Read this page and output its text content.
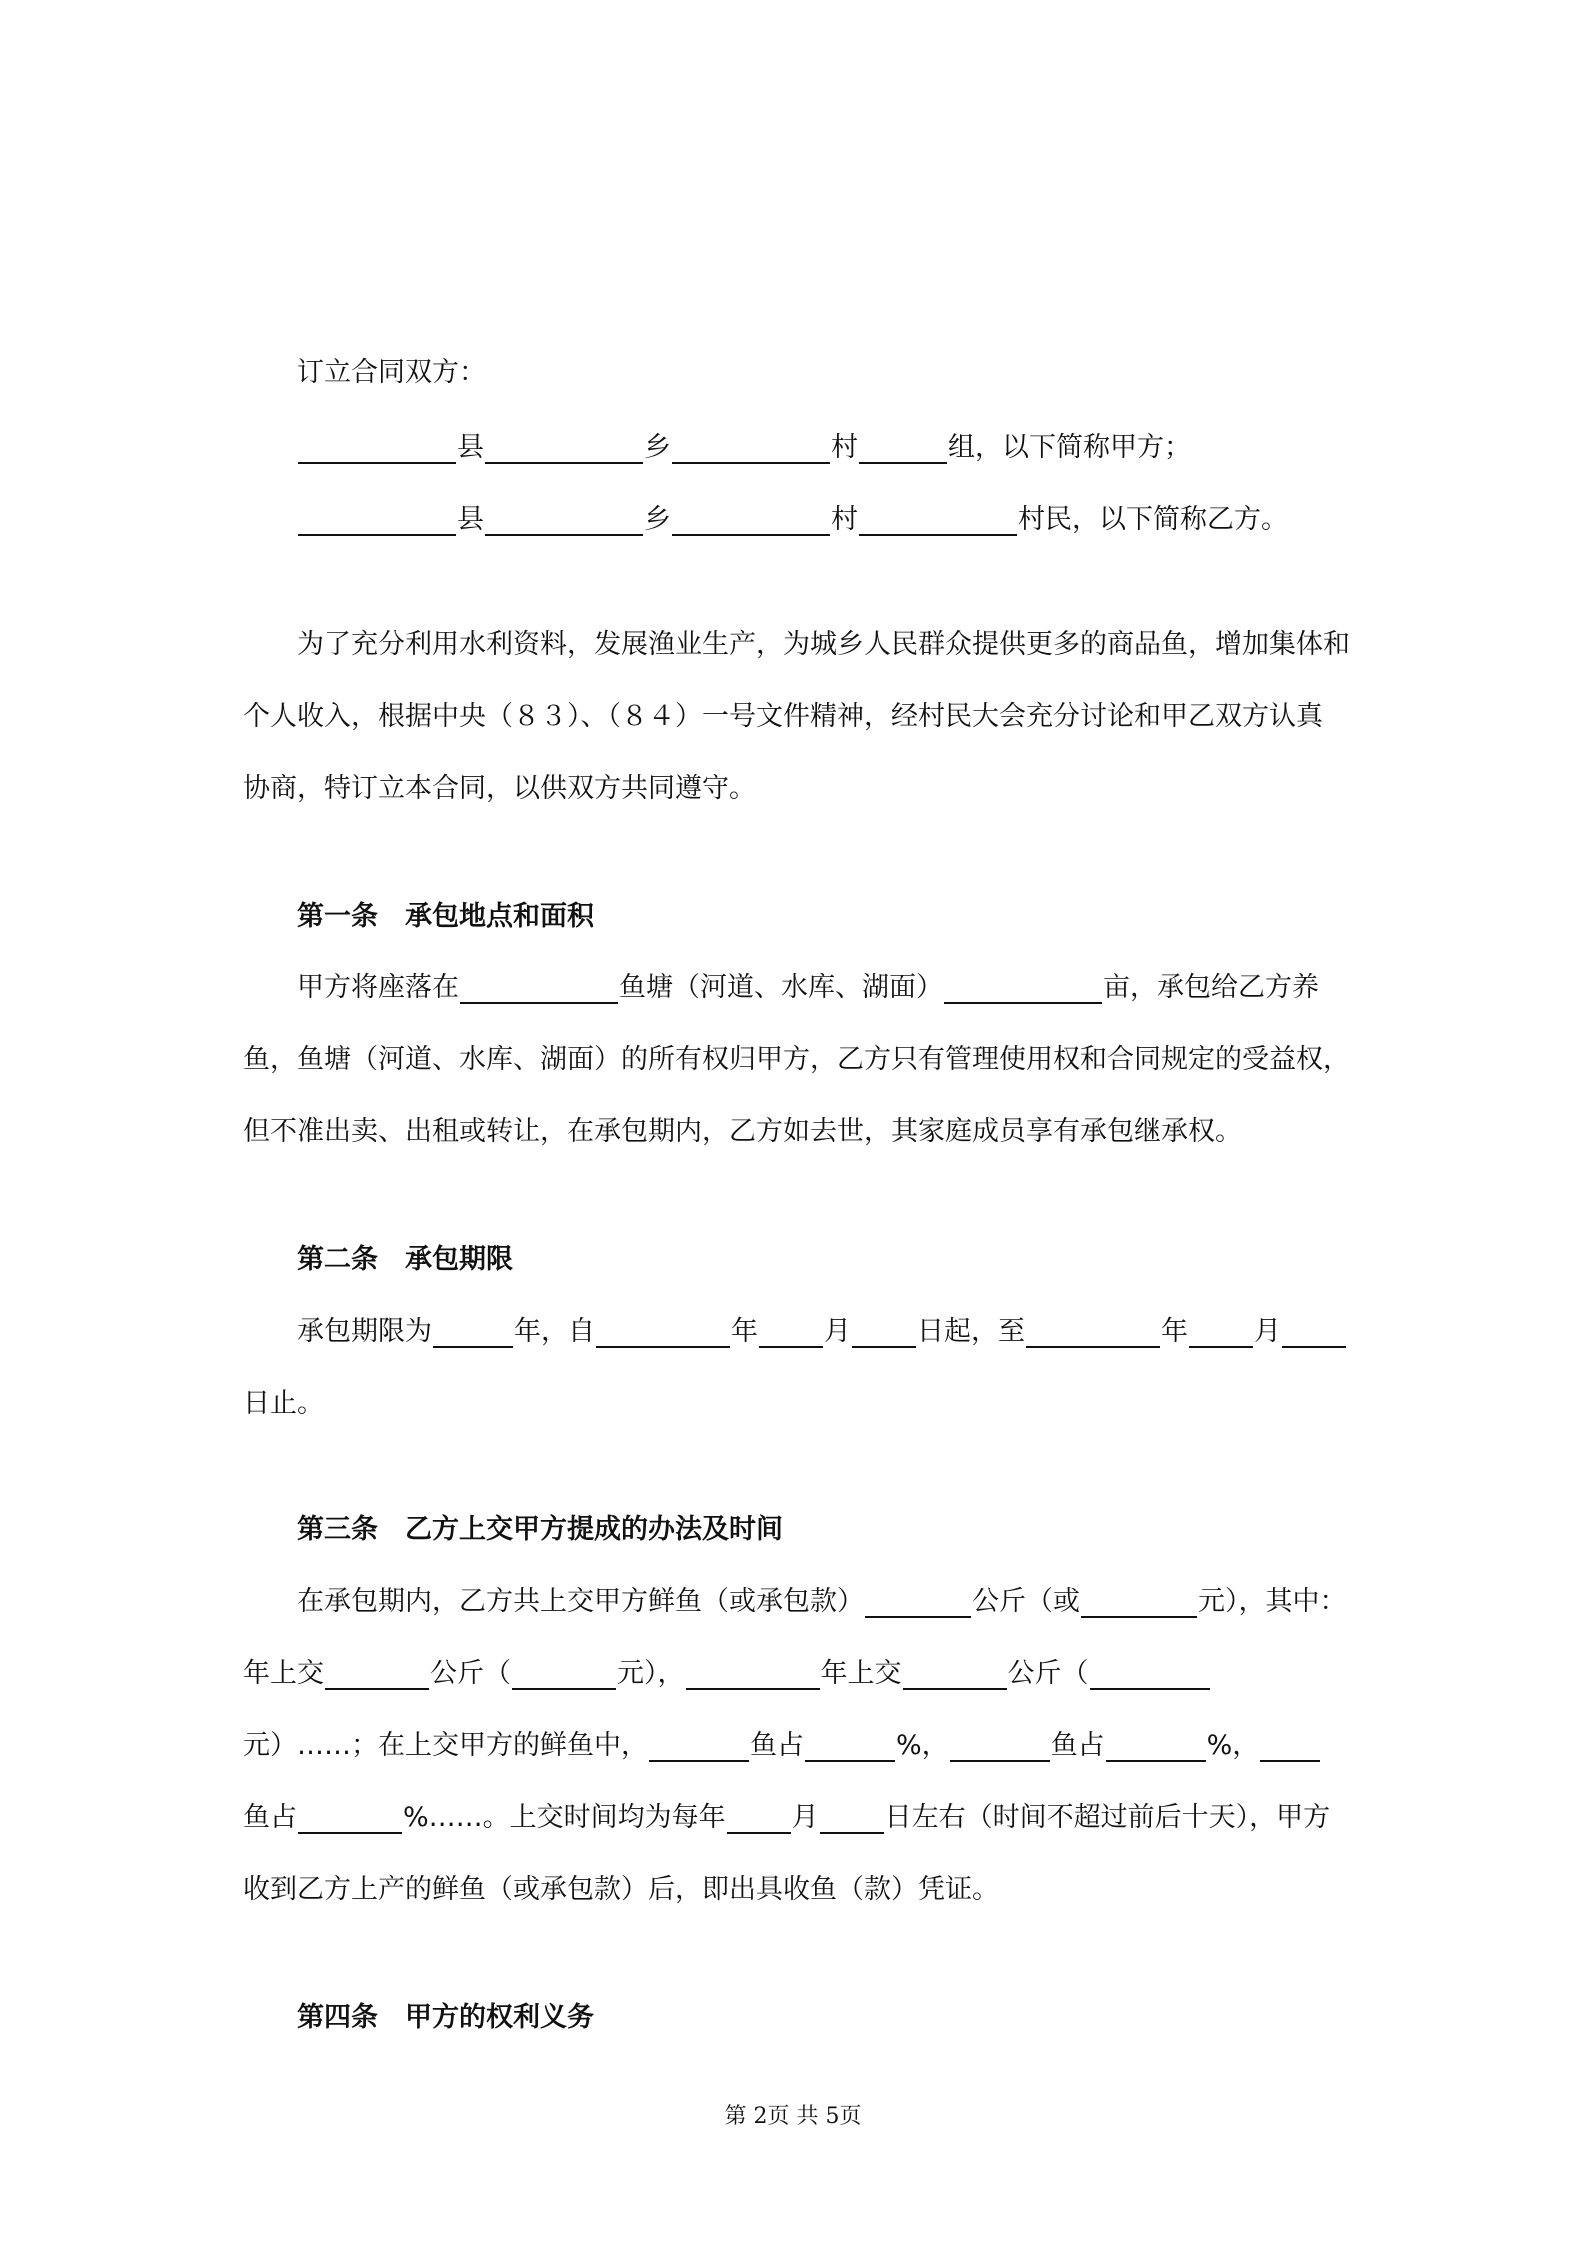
订立合同双方：
县	乡	村	组，以下简称甲方；
县	乡	村	村民，以下简称乙方。
为了充分利用水利资料，发展渔业生产，为城乡人民群众提供更多的商品鱼，增加集体和
个人收入，根据中央（８３）、（８４）一号文件精神，经村民大会充分讨论和甲乙双方认真
协商，特订立本合同，以供双方共同遵守。
第一条　承包地点和面积
甲方将座落在	鱼塘（河道、水库、湖面）	亩，承包给乙方养
鱼，鱼塘（河道、水库、湖面）的所有权归甲方，乙方只有管理使用权和合同规定的受益权，
但不准出卖、出租或转让，在承包期内，乙方如去世，其家庭成员享有承包继承权。
第二条　承包期限
承包期限为	年，自	年 月 日起，至	年 月
日止。
第三条　乙方上交甲方提成的办法及时间
在承包期内，乙方共上交甲方鲜鱼（或承包款）	公斤（或	元），其中：
年上交	公斤（	元），	年上交	公斤（
元）……；在上交甲方的鲜鱼中，	鱼占	%，	鱼占	%，
鱼占	%……。上交时间均为每年 月 日左右（时间不超过前后十天），甲方
收到乙方上产的鲜鱼（或承包款）后，即出具收鱼（款）凭证。
第四条　甲方的权利义务
第 2页 共 5页
